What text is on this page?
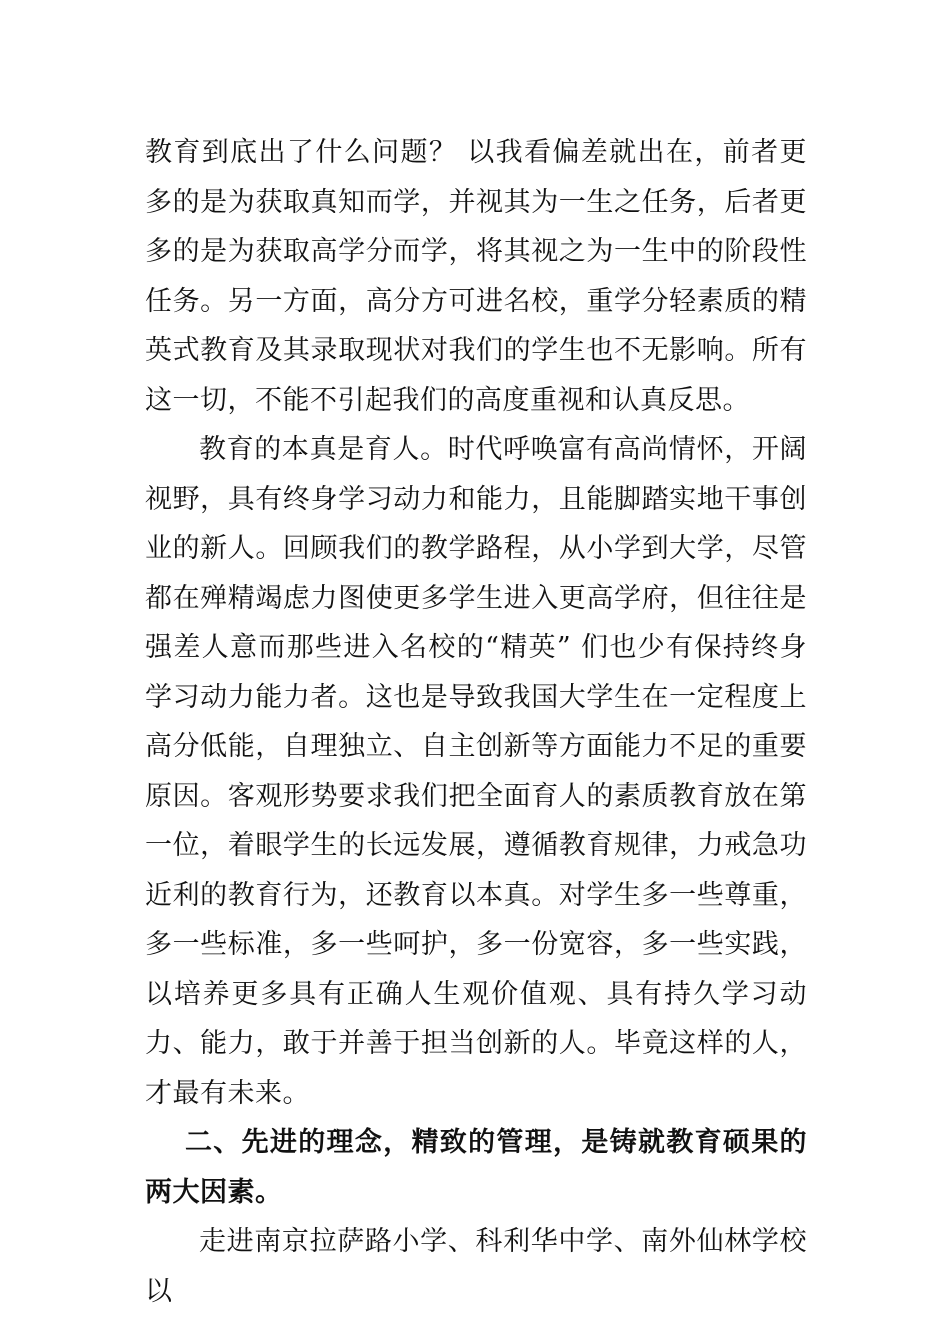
教育到底出了什么问题？ 以我看偏差就出在，前者更多的是为获取真知而学，并视其为一生之任务，后者更多的是为获取高学分而学，将其视之为一生中的阶段性任务。另一方面，高分方可进名校，重学分轻素质的精英式教育及其录取现状对我们的学生也不无影响。所有这一切，不能不引起我们的高度重视和认真反思。

教育的本真是育人。时代呼唤富有高尚情怀，开阔视野，具有终身学习动力和能力，且能脚踏实地干事创业的新人。回顾我们的教学路程，从小学到大学，尽管都在殚精竭虑力图使更多学生进入更高学府，但往往是强差人意而那些进入名校的“精英” 们也少有保持终身学习动力能力者。这也是导致我国大学生在一定程度上高分低能，自理独立、自主创新等方面能力不足的重要原因。客观形势要求我们把全面育人的素质教育放在第一位，着眼学生的长远发展，遵循教育规律，力戒急功近利的教育行为，还教育以本真。对学生多一些尊重，多一些标准，多一些呵护，多一份宽容，多一些实践，以培养更多具有正确人生观价值观、具有持久学习动力、能力，敢于并善于担当创新的人。毕竟这样的人，才最有未来。

二、先进的理念，精致的管理，是铸就教育硕果的两大因素。

走进南京拉萨路小学、科利华中学、南外仙林学校以
